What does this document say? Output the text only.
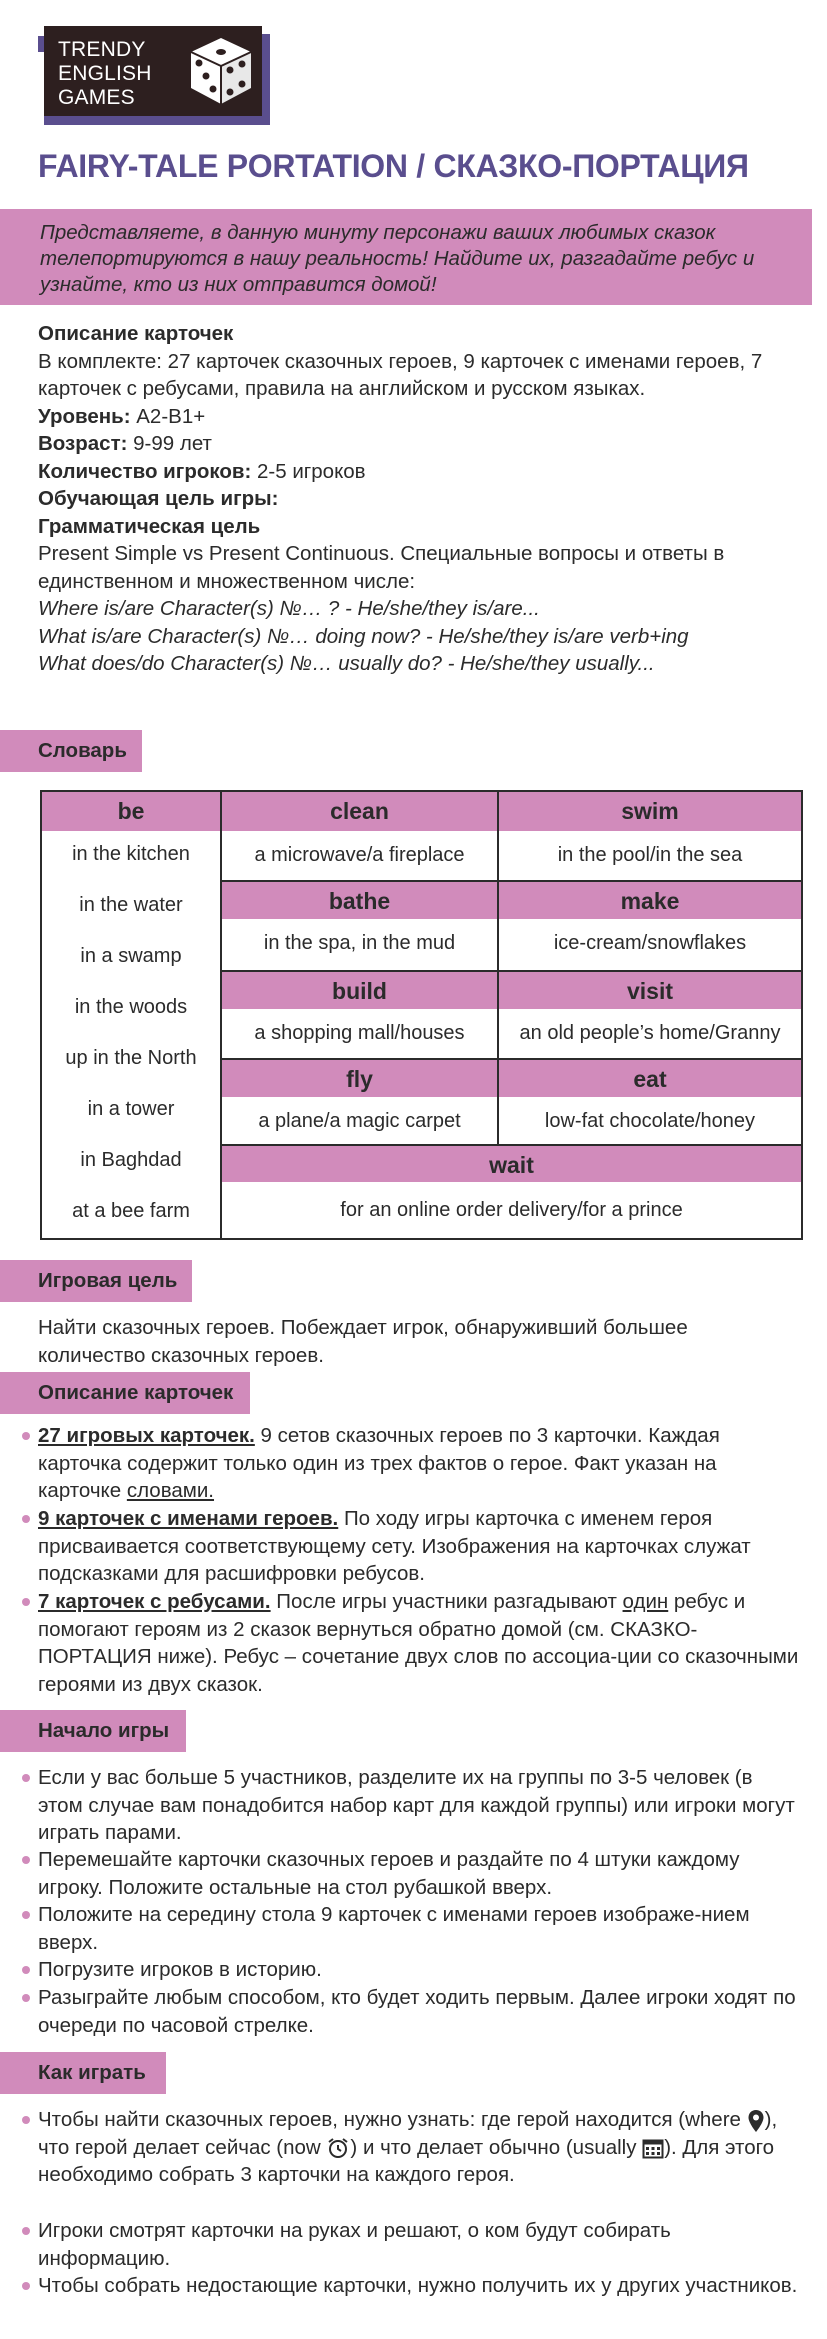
TRENDY
ENGLISH
GAMES
FAIRY-TALE PORTATION / СКАЗКО-ПОРТАЦИЯ

Представляете, в данную минуту персонажи ваших любимых сказок телепортируются в нашу реальность! Найдите их, разгадайте ребус и узнайте, кто из них отправится домой!

Описание карточек
В комплекте: 27 карточек сказочных героев, 9 карточек с именами героев, 7 карточек с ребусами, правила на английском и русском языках.
Уровень: A2-B1+
Возраст: 9-99 лет
Количество игроков: 2-5 игроков
Обучающая цель игры:
Грамматическая цель
Present Simple vs Present Continuous. Специальные вопросы и ответы в единственном и множественном числе:
Where is/are Character(s) №… ? - He/she/they is/are...
What is/are Character(s) №… doing now? - He/she/they is/are verb+ing
What does/do Character(s) №… usually do? - He/she/they usually...
Словарь
be
in the kitchen
in the water
in a swamp
in the woods
up in the North
in a tower
in Baghdad
at a bee farm
clean
a microwave/a fireplace
swim
in the pool/in the sea
bathe
in the spa, in the mud
make
ice-cream/snowflakes
build
a shopping mall/houses
visit
an old people’s home/Granny
fly
a plane/a magic carpet
eat
low-fat chocolate/honey
wait
for an online order delivery/for a prince
Игровая цель
Найти сказочных героев. Побеждает игрок, обнаруживший большее количество сказочных героев.
Описание карточек
27 игровых карточек. 9 сетов сказочных героев по 3 карточки. Каждая карточка содержит только один из трех фактов о герое. Факт указан на карточке словами.
9 карточек с именами героев. По ходу игры карточка с именем героя присваивается соответствующему сету. Изображения на карточках служат подсказками для расшифровки ребусов.
7 карточек с ребусами. После игры участники разгадывают один ребус и помогают героям из 2 сказок вернуться обратно домой (см. СКАЗКО-ПОРТАЦИЯ ниже). Ребус – сочетание двух слов по ассоциа-ции со сказочными героями из двух сказок.
Начало игры
Если у вас больше 5 участников, разделите их на группы по 3-5 человек (в этом случае вам понадобится набор карт для каждой группы) или игроки могут играть парами.
Перемешайте карточки сказочных героев и раздайте по 4 штуки каждому игроку. Положите остальные на стол рубашкой вверх.
Положите на середину стола 9 карточек с именами героев изображе-нием вверх.
Погрузите игроков в историю.
Разыграйте любым способом, кто будет ходить первым. Далее игроки ходят по очереди по часовой стрелке.
Как играть
Чтобы найти сказочных героев, нужно узнать: где герой находится (where ), что герой делает сейчас (now ) и что делает обычно (usually ). Для этого необходимо собрать 3 карточки на каждого героя.
Игроки смотрят карточки на руках и решают, о ком будут собирать информацию.
Чтобы собрать недостающие карточки, нужно получить их у других участников.
